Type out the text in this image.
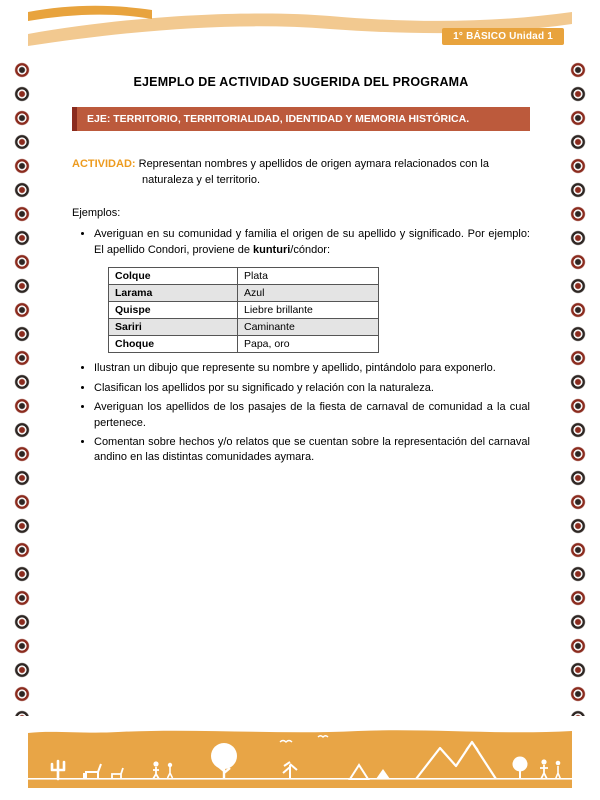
1° BÁSICO Unidad 1
EJEMPLO DE ACTIVIDAD SUGERIDA DEL PROGRAMA
EJE: TERRITORIO, TERRITORIALIDAD, IDENTIDAD Y MEMORIA HISTÓRICA.

ACTIVIDAD: Representan nombres y apellidos de origen aymara relacionados con la naturaleza y el territorio.

Ejemplos:

• Averiguan en su comunidad y familia el origen de su apellido y significado. Por ejemplo: El apellido Condori, proviene de kunturi/cóndor:
Colque	Plata
Larama	Azul
Quispe	Liebre brillante
Sariri	Caminante
Choque	Papa, oro
• Ilustran un dibujo que represente su nombre y apellido, pintándolo para exponerlo.
• Clasifican los apellidos por su significado y relación con la naturaleza.
• Averiguan los apellidos de los pasajes de la fiesta de carnaval de comunidad a la cual pertenece.
• Comentan sobre hechos y/o relatos que se cuentan sobre la representación del carnaval andino en las distintas comunidades aymara.
